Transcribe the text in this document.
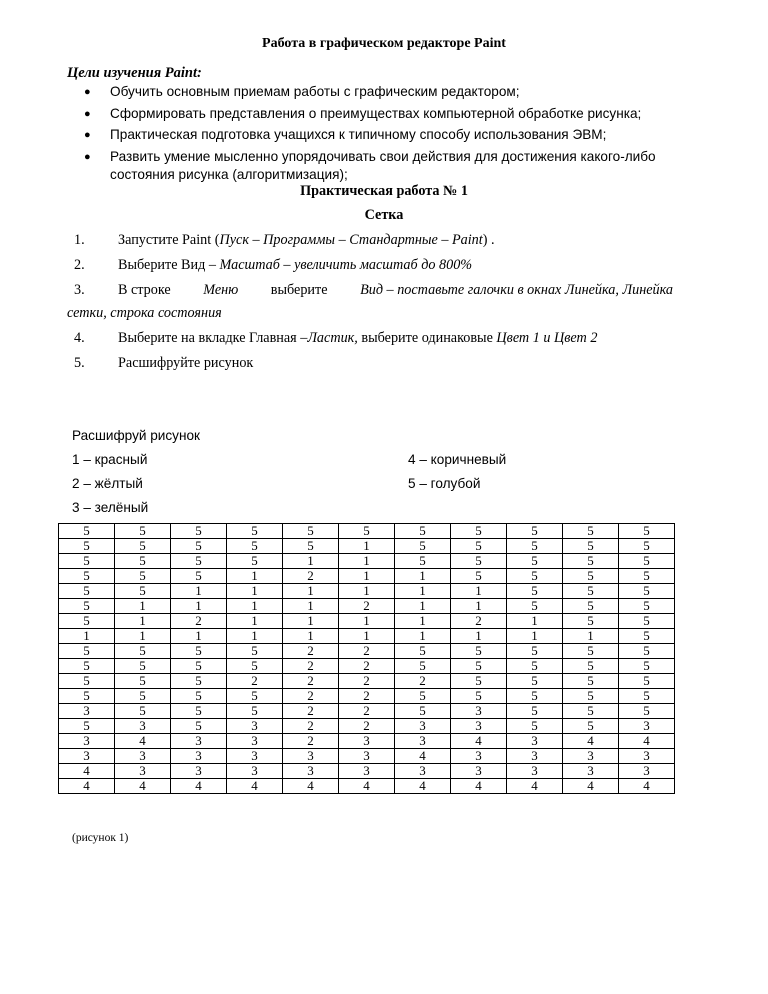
Работа в графическом редакторе Paint
Цели изучения Paint:
● Обучить основным приемам работы с графическим редактором;
● Сформировать представления о преимуществах компьютерной обработке рисунка;
● Практическая подготовка учащихся к типичному способу использования ЭВМ;
● Развить умение мысленно упорядочивать свои действия для достижения какого-либо состояния рисунка (алгоритмизация);
Практическая работа № 1
Сетка
1. Запустите Paint (Пуск – Программы – Стандартные – Paint) .
2. Выберите Вид – Масштаб – увеличить масштаб до 800%
3. В строке Меню выберите Вид – поставьте галочки в окнах Линейка, Линейка
сетки, строка состояния
4. Выберите на вкладке Главная –Ластик, выберите одинаковые Цвет 1 и Цвет 2
5. Расшифруйте рисунок
Расшифруй рисунок
1 – красный	4 – коричневый
2 – жёлтый	5 – голубой
3 – зелёный
5	5	5	5	5	5	5	5	5	5	5
5	5	5	5	5	1	5	5	5	5	5
5	5	5	5	1	1	5	5	5	5	5
5	5	5	1	2	1	1	5	5	5	5
5	5	1	1	1	1	1	1	5	5	5
5	1	1	1	1	2	1	1	5	5	5
5	1	2	1	1	1	1	2	1	5	5
1	1	1	1	1	1	1	1	1	1	5
5	5	5	5	2	2	5	5	5	5	5
5	5	5	5	2	2	5	5	5	5	5
5	5	5	2	2	2	2	5	5	5	5
5	5	5	5	2	2	5	5	5	5	5
3	5	5	5	2	2	5	3	5	5	5
5	3	5	3	2	2	3	3	5	5	3
3	4	3	3	2	3	3	4	3	4	4
3	3	3	3	3	3	4	3	3	3	3
4	3	3	3	3	3	3	3	3	3	3
4	4	4	4	4	4	4	4	4	4	4
(рисунок 1)
